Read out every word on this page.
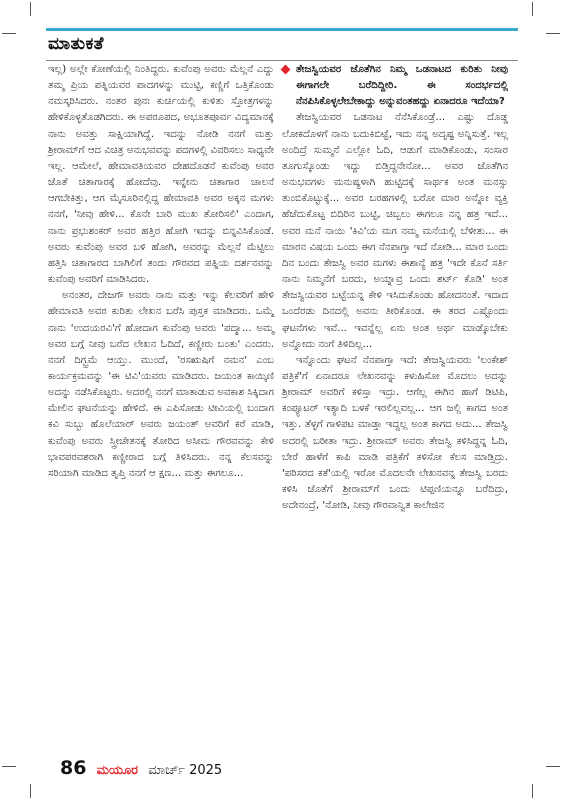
ಮಾತುಕತೆ

ಇಲ್ಲ) ಅಲ್ಲೇ ಕೋಣೆಯಲ್ಲಿ ನಿಂತಿದ್ದರು. ಕುವೆಂಪು ಅವರು ಮೆಲ್ಲನೆ ಎದ್ದು ತಮ್ಮ ಪ್ರಿಯ ಪತ್ನಿಯವರ ಪಾದಗಳನ್ನು ಮುಟ್ಟಿ, ಕಣ್ಣಿಗೆ ಒತ್ತಿಕೊಂಡು ನಮಸ್ಕರಿಸಿದರು. ನಂತರ ಪುನಃ ಕುರ್ಚಿಯಲ್ಲಿ ಕುಳಿತು ಸ್ತೋತ್ರಗಳನ್ನು ಹೇಳಿಕೊಳ್ಳತೊಡಗಿದರು. ಈ ಅಪರೂಪದ, ಅಭೂತಪೂರ್ವ ವಿದ್ಯಮಾನಕ್ಕೆ ನಾನು ಅವತ್ತು ಸಾಕ್ಷಿಯಾಗಿದ್ದೆ. ಇದನ್ನು ನೋಡಿ ನನಗೆ ಮತ್ತು ಶ್ರೀರಾಮ್‌ಗೆ ಆದ ವಿಚಿತ್ರ ಅನುಭವವನ್ನು ಪದಗಳಲ್ಲಿ ವಿವರಿಸಲು ಸಾಧ್ಯವೇ ಇಲ್ಲ. ಆಮೇಲೆ, ಹೇಮಾವತಿಯವರ ದೇಹದೊಡನೆ ಕುವೆಂಪು ಅವರ ಜೊತೆ ಚಿತಾಗಾರಕ್ಕೆ ಹೋದೆವು. ಇನ್ನೇನು ಚಿತಾಗಾರ ಚಾಲನೆ ಆಗಬೇಕಿತ್ತು, ಆಗ ಮೈಸೂರಿನಲ್ಲಿದ್ದ ಹೇಮಾವತಿ ಅವರ ಅಕ್ಕನ ಮಗಳು ನನಗೆ, 'ನೀವು ಹೇಳಿ... ಕೊನೇ ಬಾರಿ ಮುಖ ತೋರಿಸಲಿ' ಎಂದಾಗ, ನಾನು ಪ್ರಭುಶಂಕರ್ ಅವರ ಹತ್ತಿರ ಹೋಗಿ ಇದನ್ನು ಬಿನ್ನವಿಸಿಕೊಂಡೆ. ಅವರು ಕುವೆಂಪು ಅವರ ಬಳಿ ಹೋಗಿ, ಅವರನ್ನು ಮೆಲ್ಲನೆ ಮೆಟ್ಟಿಲು ಹತ್ತಿಸಿ ಚಿತಾಗಾರದ ಬಾಗಿಲಿಗೆ ತಂದು ಗೌರವದ ಪತ್ನಿಯ ದರ್ಶನವನ್ನು ಕುವೆಂಪು ಅವರಿಗೆ ಮಾಡಿಸಿದರು.

ಅನಂತರ, ದೇಜಗೌ ಅವರು ನಾನು ಮತ್ತು ಇನ್ನು ಕೆಲವರಿಗೆ ಹೇಳಿ ಹೇಮಾವತಿ ಅವರ ಕುರಿತು ಲೇಖನ ಬರೆಸಿ ಪುಸ್ತಕ ಮಾಡಿದರು. ಒಮ್ಮೆ ನಾನು 'ಉದಯರವಿ'ಗೆ ಹೋದಾಗ ಕುವೆಂಪು ಅವರು 'ಪದ್ಮಾ... ಅಮ್ಮ ಅವರ ಬಗ್ಗೆ ನೀವು ಬರೆದ ಲೇಖನ ಓದಿದೆ, ಕಣ್ಣೀರು ಬಂತು' ಎಂದರು. ನನಗೆ ದಿಗ್ಭ್ರಮೆ ಆಯ್ತು. ಮುಂದೆ, 'ರಸಋಷಿಗೆ ನಮನ' ಎಂಬ ಕಾರ್ಯಕ್ರಮವನ್ನು 'ಈ ಟಿವಿ'ಯವರು ಮಾಡಿದರು. ಜಯಂತ ಕಾಯ್ಕಿಣಿ ಅದನ್ನು ನಡೆಸಿಕೊಟ್ಟರು. ಅದರಲ್ಲಿ ನನಗೆ ಮಾತಾಡುವ ಅವಕಾಶ ಸಿಕ್ಕಿದಾಗ ಮೇಲಿನ ಘಟನೆಯನ್ನು ಹೇಳಿದೆ. ಈ ಎಪಿಸೋಡು ಟೀವಿಯಲ್ಲಿ ಬಂದಾಗ ಕವಿ ಸುಬ್ಬು ಹೊಲೆಯಾರ್ ಅವರು ಜಯಂತ್ ಅವರಿಗೆ ಕರೆ ಮಾಡಿ, ಕುವೆಂಪು ಅವರು ಸ್ತ್ರೀಚೇತನಕ್ಕೆ ತೋರಿದ ಅಸೀಮ ಗೌರವವನ್ನು ಕೇಳಿ ಭಾವಪರವಶರಾಗಿ ಕಣ್ಣೀರಾದ ಬಗ್ಗೆ ತಿಳಿಸಿದರು. ನನ್ನ ಕೆಲಸವನ್ನು ಸರಿಯಾಗಿ ಮಾಡಿದ ತೃಪ್ತಿ ನನಗೆ ಆ ಕ್ಷಣ... ಮತ್ತು ಈಗಲೂ...

ತೇಜಸ್ವಿಯವರ ಜೊತೆಗಿನ ನಿಮ್ಮ ಒಡನಾಟದ ಕುರಿತು ನೀವು ಈಗಾಗಲೇ ಬರೆದಿದ್ದೀರಿ. ಈ ಸಂದರ್ಭದಲ್ಲಿ ನೆನಪಿಸಿಕೊಳ್ಳಲೇಬೇಕಾದ್ದು ಅನ್ನುವಂತಹದ್ದು ಏನಾದರೂ ಇದೆಯಾ?

ತೇಜಸ್ವಿಯವರ ಒಡನಾಟ ನೆನೆಸಿಕೊಂಡ್ರೆ... ಎಷ್ಟು ದೊಡ್ಡ ಲೋಕದೊಳಗೆ ನಾನು ಬದುಕಿಬಿಟ್ಟೆ, ಇದು ನನ್ನ ಅದೃಷ್ಟ ಅನ್ನಿಸುತ್ತೆ. ಇಲ್ಲ ಅಂದಿದ್ರೆ ಸುಮ್ಮನೆ ಎಲ್ಲೋ ಓದಿ, ಆಡುಗೆ ಮಾಡಿಕೊಂಡು, ಸಂಸಾರ ತೂಗುಸ್ಕೊಂಡು ಇದ್ದು ಬಿಡ್ತಿದ್ದನೇನೋ... ಅವರ ಜೊತೆಗಿನ ಅನುಭವಗಳು ಮನುಷ್ಯಳಾಗಿ ಹುಟ್ಟಿದಕ್ಕೆ ಸಾರ್ಥಕ ಅಂತ ಮನಸ್ಸು ತುಂಬಿಕೊಟ್ಟುಕ್ಕೆ... ಅವರ ಬರಹಗಳಲ್ಲಿ ಬರೋ ಮಾರ ಅನ್ನೋ ವ್ಯಕ್ತಿ ಹೆಜೆದುಕೊಟ್ಟ ಬಿದಿರಿನ ಬುಟ್ಟಿ, ಚಿಬ್ಬಲು ಈಗಲೂ ನನ್ನ ಹತ್ರ ಇದೆ... ಅವರ ಮನೆ ನಾಯಿ 'ಕಿವಿ'ಯ ಮಗ ನಮ್ಮ ಮನೆಯಲ್ಲಿ ಬೆಳೀತು... ಈ ಮಾರನ ವಿಷಯ ಒಂದು ಈಗ ನೆನಪಾಗ್ತಾ ಇದೆ ನೋಡಿ... ಮಾರ ಒಂದು ದಿನ ಬಂದು ತೇಜಸ್ವಿ ಅವರ ಮಗಳು ಈಶಾನ್ಯೆ ಹತ್ರ 'ಇದೇ ಕೊನೆ ಸರ್ತಿ ನಾನು ನಿಮ್ಮನೆಗೆ ಬರದು, ಅಯ್ನಾವ್ರ ಒಂದು ಶರ್ಟ್ ಕೊಡಿ' ಅಂತ ತೇಜಸ್ವಿಯವರ ಬಟ್ಟೆಯನ್ನ ಕೇಳಿ ಇಸಿದುಕೊಂಡು ಹೋದನಂತೆ. ಇದಾದ ಒಂದೆರಡು ದಿನದಲ್ಲಿ ಅವನು ತೀರಿಕೊಂಡ. ಈ ತರದ ಎಷ್ಟೊಂದು ಘಟನೆಗಳು ಇವೆ... ಇವನ್ನೆಲ್ಲ ಏನು ಅಂತ ಅರ್ಥ ಮಾಡ್ಕೊಬೇಕು ಅನ್ನೋದು ನಂಗೆ ತಿಳಿದಿಲ್ಲ...

ಇನ್ನೊಂದು ಘಟನೆ ನೆನಪಾಗ್ತಾ ಇದೆ: ತೇಜಸ್ವಿಯವರು 'ಲಂಕೇಶ್ ಪತ್ರಿಕೆ'ಗೆ ಏನಾದರೂ ಲೇಖನವನ್ನು ಕಳುಹಿಸೋ ಮೊದಲು ಅದನ್ನು ಶ್ರೀರಾಮ್ ಅವರಿಗೆ ಕಳಿಸ್ತಾ ಇದ್ರು. ಆಗೆಲ್ಲ ಈಗಿನ ಹಾಗೆ ಡಿಟಿಪಿ, ಕಂಪ್ಯೂಟರ್ ಇತ್ಯಾದಿ ಬಳಕೆ ಇರಲಿಲ್ಲವಲ್ಲ... ಆಗ ಜಲ್ಲಿ ಕಾಗದ ಅಂತ ಇತ್ತು. ತೆಳ್ಳಗೆ ಗಾಳಿಪಟ ಮಾಡ್ತಾ ಇದ್ದಲ್ಲ ಅಂತ ಕಾಗದ ಅದು... ತೇಜಸ್ವಿ ಅದರಲ್ಲಿ ಬರೀತಾ ಇದ್ರು. ಶ್ರೀರಾಮ್ ಅವರು ತೇಜಸ್ವಿ ಕಳಿಸಿದ್ದನ್ನ ಓದಿ, ಬೇರೆ ಹಾಳೆಗೆ ಕಾಪಿ ಮಾಡಿ ಪತ್ರಿಕೆಗೆ ಕಳಿಸೋ ಕೆಲಸ ಮಾಡ್ತಿದ್ರು. 'ಪರಿಸರದ ಕತೆ'ಯಲ್ಲಿ ಇರೋ ಮೊದಲನೇ ಲೇಖನವನ್ನ ತೇಜಸ್ವಿ ಬರದು ಕಳಿಸಿ ಜೊತೆಗೆ ಶ್ರೀರಾಮ್‌ಗೆ ಒಂದು ಟಿಪ್ಪಣಿಯನ್ನೂ ಬರೆದಿದ್ರು, ಅದೇನಂದ್ರೆ, 'ನೋಡಿ, ನೀವು ಗೌರವಾನ್ವಿತ ಕಾಲೇಜಿನ

86 ಮಯೂರ ಮಾರ್ಚ್ 2025
